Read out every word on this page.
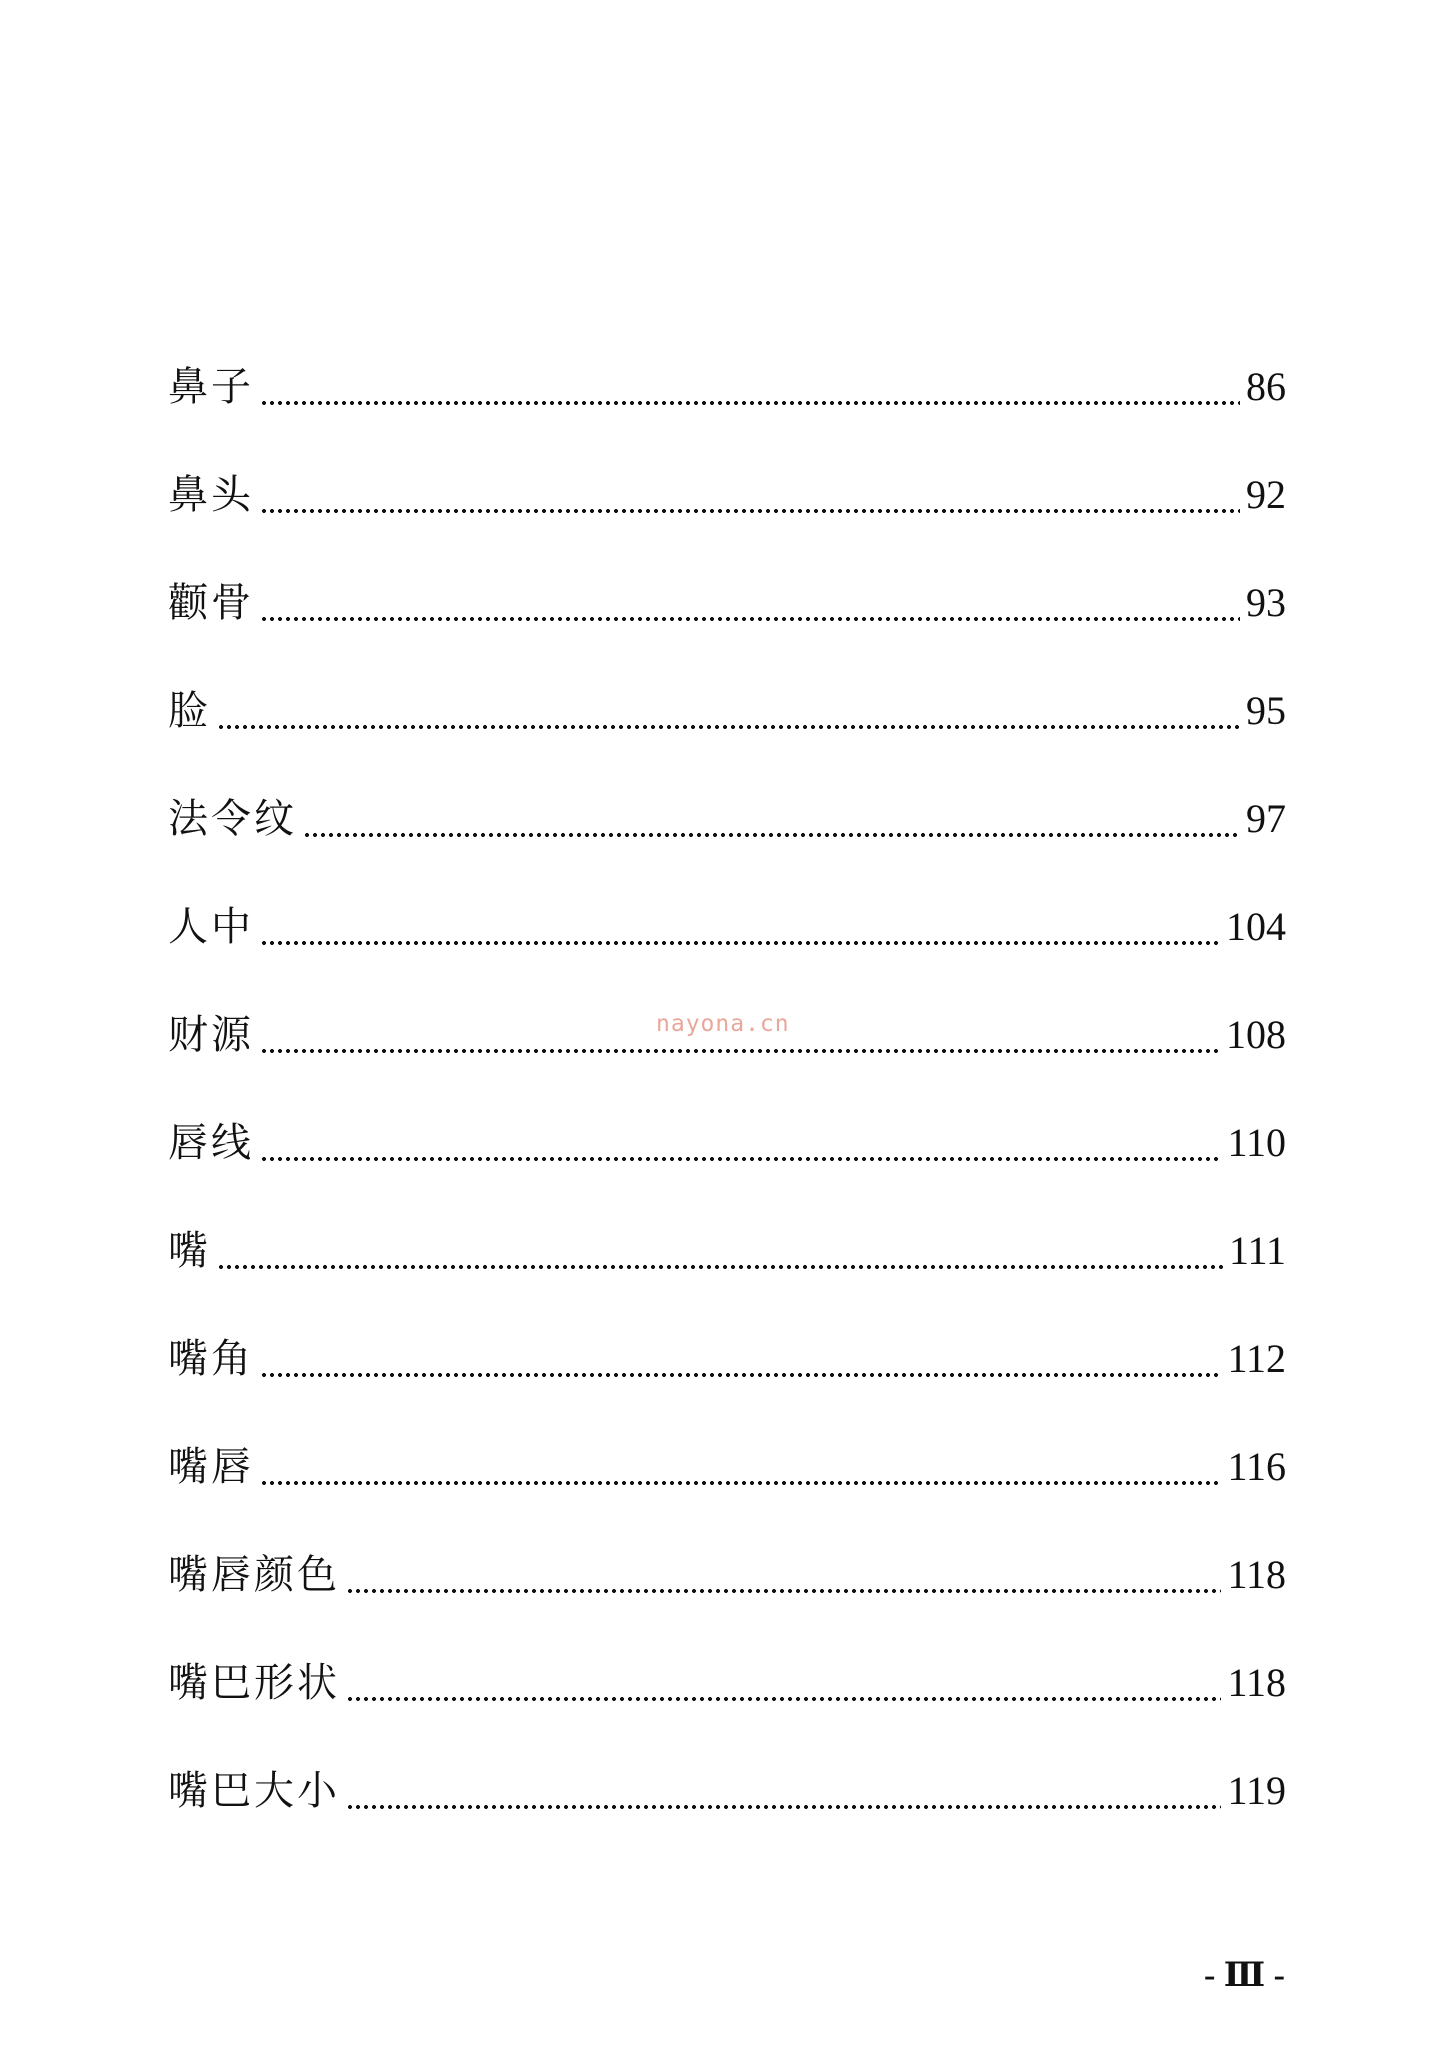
鼻子	86
鼻头	92
颧骨	93
脸	95
法令纹	97
人中	104
财源	108
唇线	110
嘴	111
嘴角	112
嘴唇	116
嘴唇颜色	118
嘴巴形状	118
嘴巴大小	119
nayona.cn
- Ⅲ -
